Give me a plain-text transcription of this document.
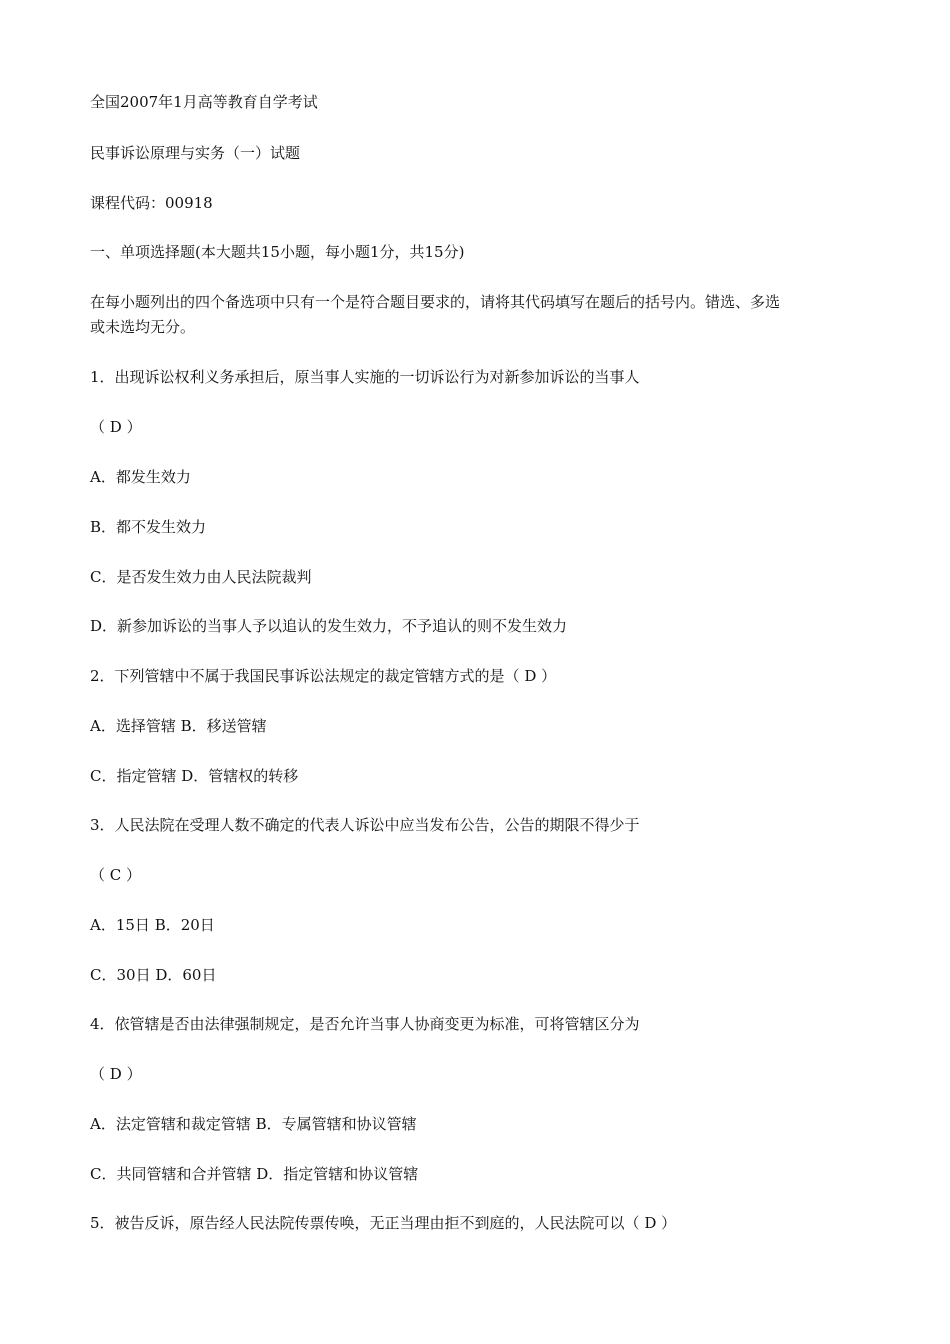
全国2007年1月高等教育自学考试

民事诉讼原理与实务（一）试题

课程代码：00918

一、单项选择题(本大题共15小题，每小题1分，共15分)

在每小题列出的四个备选项中只有一个是符合题目要求的，请将其代码填写在题后的括号内。错选、多选
或未选均无分。

1．出现诉讼权利义务承担后，原当事人实施的一切诉讼行为对新参加诉讼的当事人

（ D ）

A．都发生效力

B．都不发生效力

C．是否发生效力由人民法院裁判

D．新参加诉讼的当事人予以追认的发生效力，不予追认的则不发生效力

2．下列管辖中不属于我国民事诉讼法规定的裁定管辖方式的是（ D ）

A．选择管辖 B．移送管辖

C．指定管辖 D．管辖权的转移

3．人民法院在受理人数不确定的代表人诉讼中应当发布公告，公告的期限不得少于

（ C ）

A．15日 B．20日

C．30日 D．60日

4．依管辖是否由法律强制规定，是否允许当事人协商变更为标准，可将管辖区分为

（ D ）

A．法定管辖和裁定管辖 B．专属管辖和协议管辖

C．共同管辖和合并管辖 D．指定管辖和协议管辖

5．被告反诉，原告经人民法院传票传唤，无正当理由拒不到庭的，人民法院可以（ D ）
